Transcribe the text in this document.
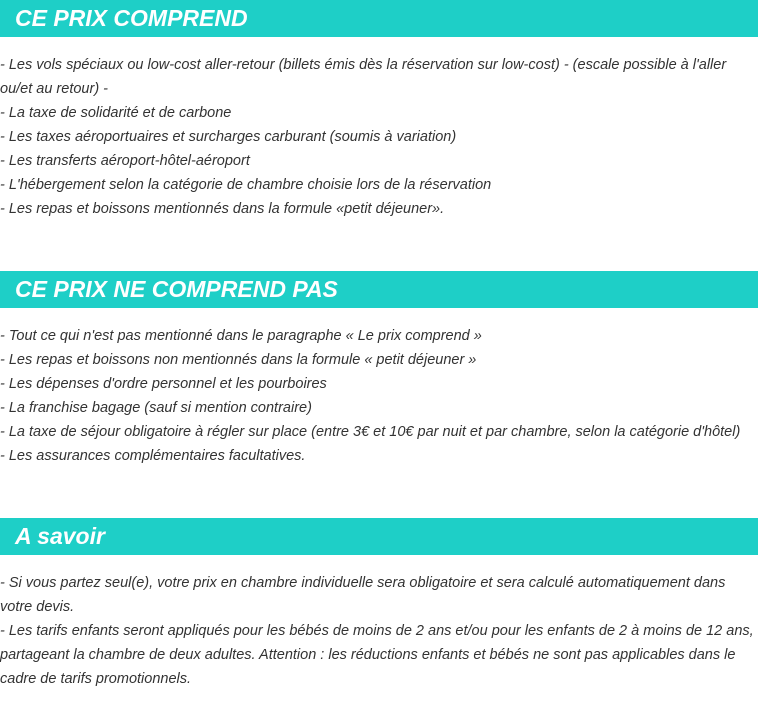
CE PRIX COMPREND
- Les vols spéciaux ou low-cost aller-retour (billets émis dès la réservation sur low-cost) - (escale possible à l'aller ou/et au retour) -
- La taxe de solidarité et de carbone
- Les taxes aéroportuaires et surcharges carburant (soumis à variation)
- Les transferts aéroport-hôtel-aéroport
- L'hébergement selon la catégorie de chambre choisie lors de la réservation
- Les repas et boissons mentionnés dans la formule «petit déjeuner».
CE PRIX NE COMPREND PAS
- Tout ce qui n'est pas mentionné dans le paragraphe « Le prix comprend »
- Les repas et boissons non mentionnés dans la formule « petit déjeuner »
- Les dépenses d'ordre personnel et les pourboires
- La franchise bagage (sauf si mention contraire)
- La taxe de séjour obligatoire à régler sur place (entre 3€ et 10€ par nuit et par chambre, selon la catégorie d'hôtel)
- Les assurances complémentaires facultatives.
A savoir
- Si vous partez seul(e), votre prix en chambre individuelle sera obligatoire et sera calculé automatiquement dans votre devis.
- Les tarifs enfants seront appliqués pour les bébés de moins de 2 ans et/ou pour les enfants de 2 à moins de 12 ans, partageant la chambre de deux adultes. Attention : les réductions enfants et bébés ne sont pas applicables dans le cadre de tarifs promotionnels.
